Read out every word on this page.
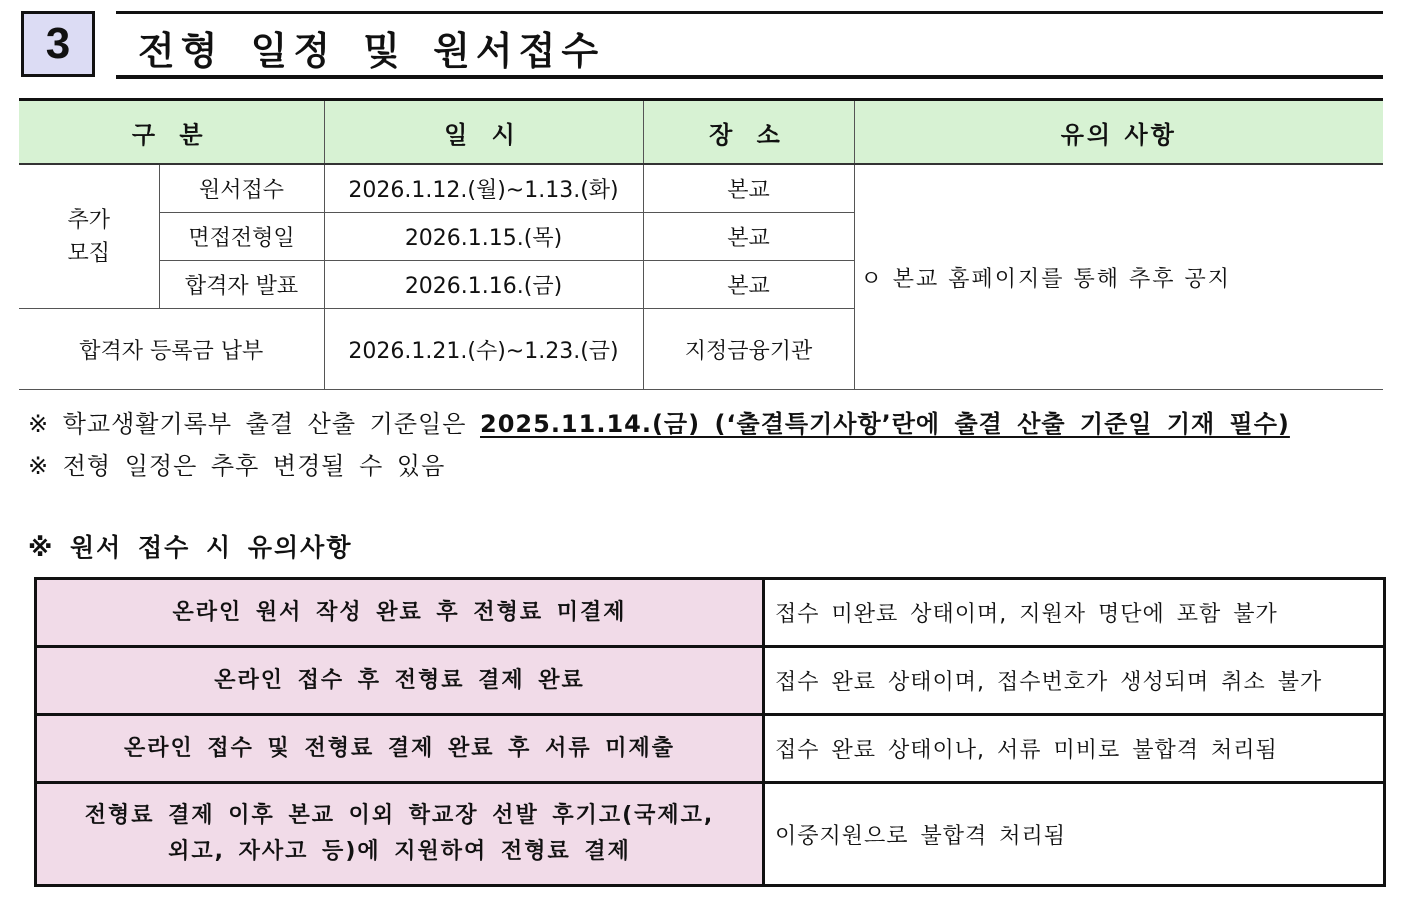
3	전형 일정 및 원서접수
구 분		일 시	장 소	유의 사항

추가 모집	원서접수	2026.1.12.(월)~1.13.(화)	본교	ㅇ 본교 홈페이지를 통해 추후 공지
	면접전형일	2026.1.15.(목)	본교	
	합격자 발표	2026.1.16.(금)	본교	
합격자 등록금 납부		2026.1.21.(수)~1.23.(금)	지정금융기관	
※ 학교생활기록부 출결 산출 기준일은 2025.11.14.(금) (‘출결특기사항’란에 출결 산출 기준일 기재 필수)
※ 전형 일정은 추후 변경될 수 있음
※ 원서 접수 시 유의사항
온라인 원서 작성 완료 후 전형료 미결제	접수 미완료 상태이며, 지원자 명단에 포함 불가
온라인 접수 후 전형료 결제 완료	접수 완료 상태이며, 접수번호가 생성되며 취소 불가
온라인 접수 및 전형료 결제 완료 후 서류 미제출	접수 완료 상태이나, 서류 미비로 불합격 처리됨

전형료 결제 이후 본교 이외 학교장 선발 후기고(국제고,
외고, 자사고 등)에 지원하여 전형료 결제	이중지원으로 불합격 처리됨
